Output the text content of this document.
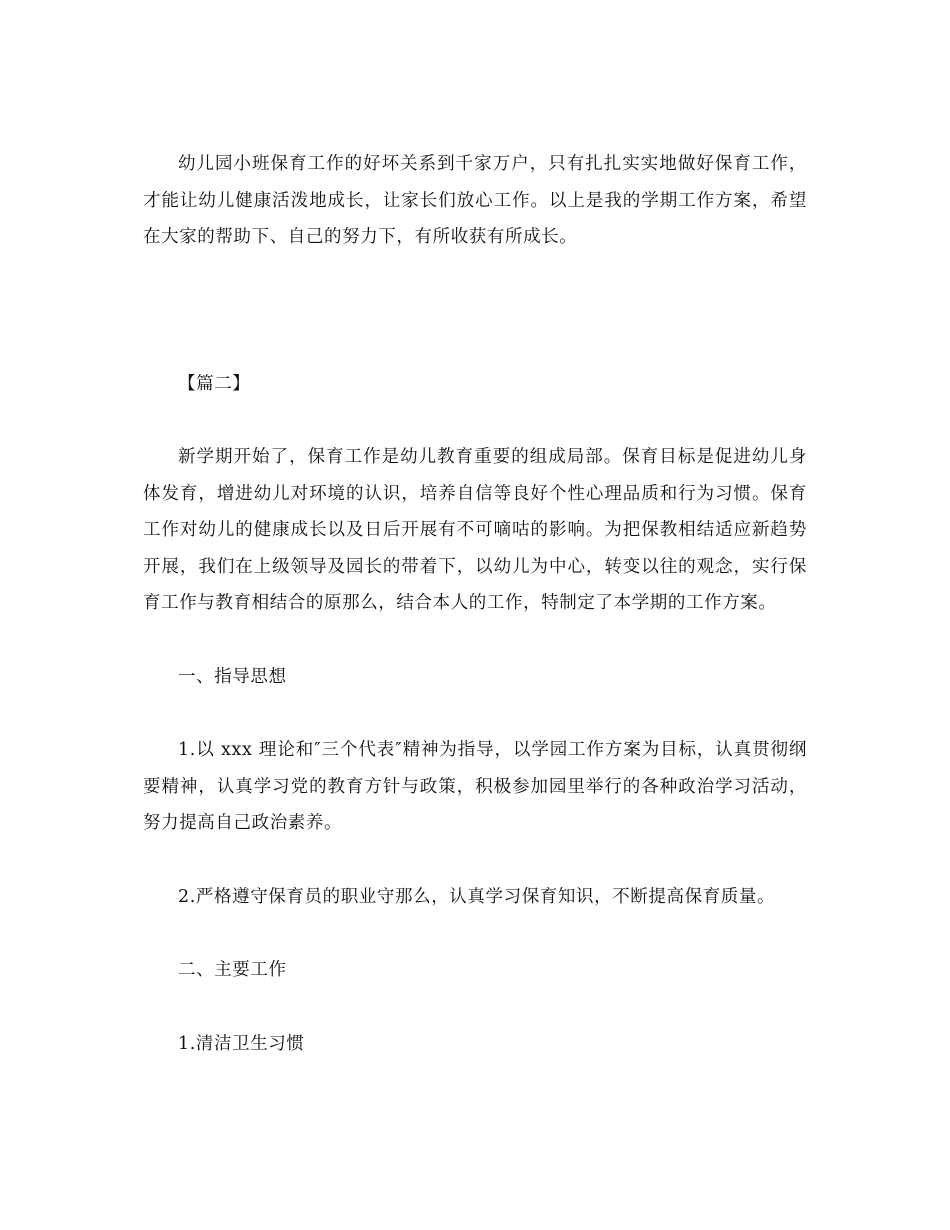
幼儿园小班保育工作的好坏关系到千家万户，只有扎扎实实地做好保育工作，才能让幼儿健康活泼地成长，让家长们放心工作。以上是我的学期工作方案，希望在大家的帮助下、自己的努力下，有所收获有所成长。

【篇二】

新学期开始了，保育工作是幼儿教育重要的组成局部。保育目标是促进幼儿身体发育，增进幼儿对环境的认识，培养自信等良好个性心理品质和行为习惯。保育工作对幼儿的健康成长以及日后开展有不可嘀咕的影响。为把保教相结适应新趋势开展，我们在上级领导及园长的带着下，以幼儿为中心，转变以往的观念，实行保育工作与教育相结合的原那么，结合本人的工作，特制定了本学期的工作方案。

一、指导思想

1.以 xxx 理论和″三个代表″精神为指导，以学园工作方案为目标，认真贯彻纲要精神，认真学习党的教育方针与政策，积极参加园里举行的各种政治学习活动，努力提高自己政治素养。

2.严格遵守保育员的职业守那么，认真学习保育知识，不断提高保育质量。

二、主要工作

1.清洁卫生习惯
